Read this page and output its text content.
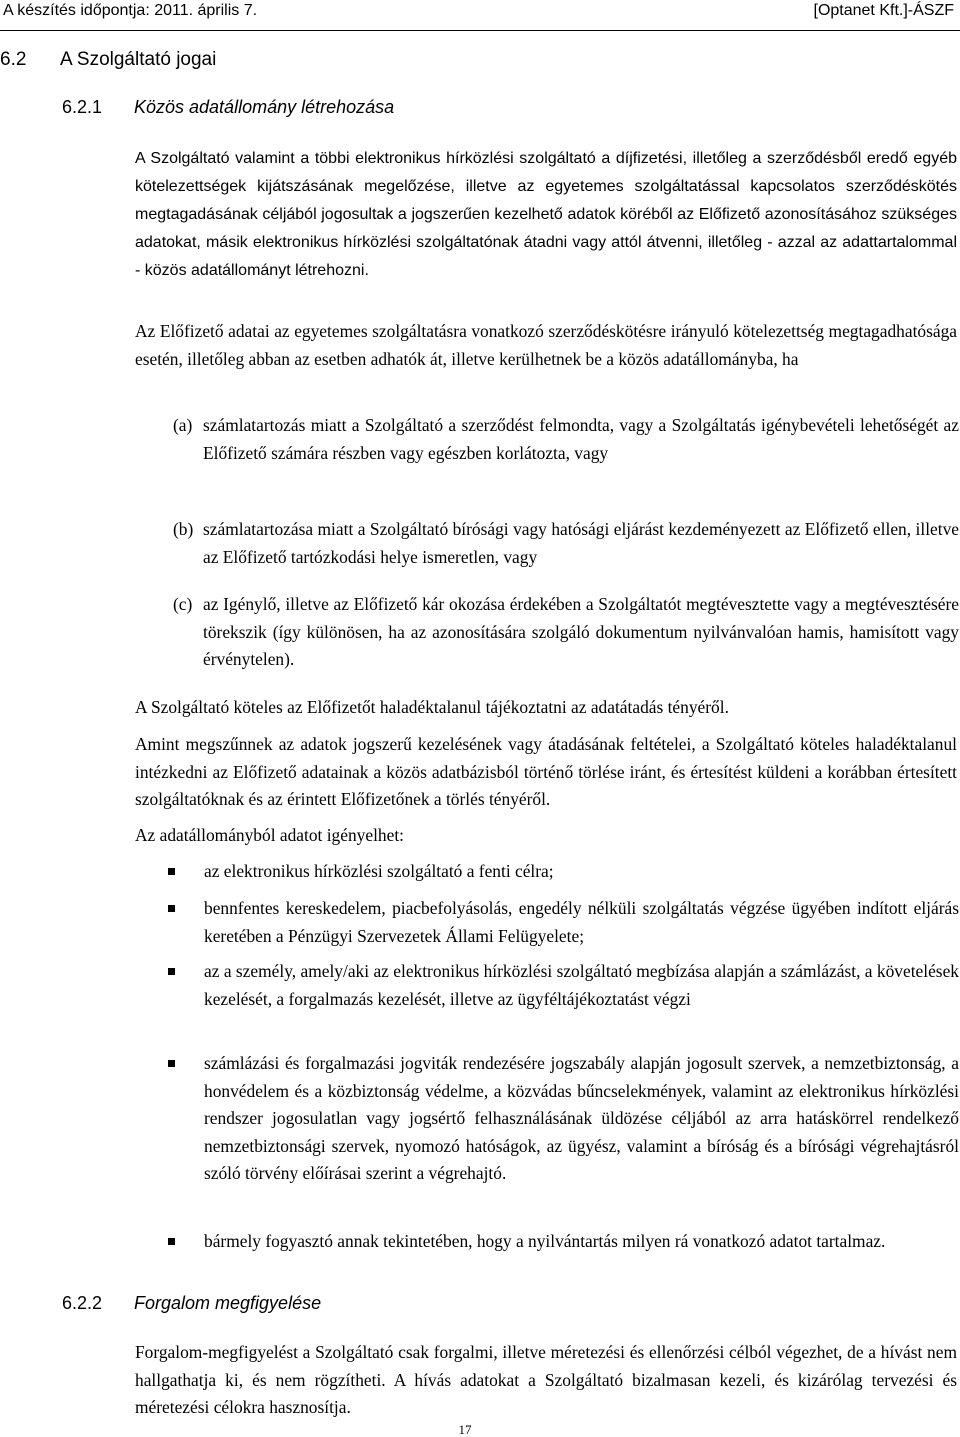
A készítés időpontja: 2011. április 7.	[Optanet Kft.]-ÁSZF
6.2 A Szolgáltató jogai
6.2.1 Közös adatállomány létrehozása

A Szolgáltató valamint a többi elektronikus hírközlési szolgáltató a díjfizetési, illetőleg a szerződésből eredő egyéb kötelezettségek kijátszásának megelőzése, illetve az egyetemes szolgáltatással kapcsolatos szerződéskötés megtagadásának céljából jogosultak a jogszerűen kezelhető adatok köréből az Előfizető azonosításához szükséges adatokat, másik elektronikus hírközlési szolgáltatónak átadni vagy attól átvenni, illetőleg - azzal az adattartalommal - közös adatállományt létrehozni.

Az Előfizető adatai az egyetemes szolgáltatásra vonatkozó szerződéskötésre irányuló kötelezettség megtagadhatósága esetén, illetőleg abban az esetben adhatók át, illetve kerülhetnek be a közös adatállományba, ha

(a) számlatartozás miatt a Szolgáltató a szerződést felmondta, vagy a Szolgáltatás igénybevételi lehetőségét az Előfizető számára részben vagy egészben korlátozta, vagy
(b) számlatartozása miatt a Szolgáltató bírósági vagy hatósági eljárást kezdeményezett az Előfizető ellen, illetve az Előfizető tartózkodási helye ismeretlen, vagy
(c) az Igénylő, illetve az Előfizető kár okozása érdekében a Szolgáltatót megtévesztette vagy a megtévesztésére törekszik (így különösen, ha az azonosítására szolgáló dokumentum nyilvánvalóan hamis, hamisított vagy érvénytelen).

A Szolgáltató köteles az Előfizetőt haladéktalanul tájékoztatni az adatátadás tényéről.

Amint megszűnnek az adatok jogszerű kezelésének vagy átadásának feltételei, a Szolgáltató köteles haladéktalanul intézkedni az Előfizető adatainak a közös adatbázisból történő törlése iránt, és értesítést küldeni a korábban értesített szolgáltatóknak és az érintett Előfizetőnek a törlés tényéről.

Az adatállományból adatot igényelhet:

az elektronikus hírközlési szolgáltató a fenti célra;
bennfentes kereskedelem, piacbefolyásolás, engedély nélküli szolgáltatás végzése ügyében indított eljárás keretében a Pénzügyi Szervezetek Állami Felügyelete;
az a személy, amely/aki az elektronikus hírközlési szolgáltató megbízása alapján a számlázást, a követelések kezelését, a forgalmazás kezelését, illetve az ügyféltájékoztatást végzi
számlázási és forgalmazási jogviták rendezésére jogszabály alapján jogosult szervek, a nemzetbiztonság, a honvédelem és a közbiztonság védelme, a közvádas bűncselekmények, valamint az elektronikus hírközlési rendszer jogosulatlan vagy jogsértő felhasználásának üldözése céljából az arra hatáskörrel rendelkező nemzetbiztonsági szervek, nyomozó hatóságok, az ügyész, valamint a bíróság és a bírósági végrehajtásról szóló törvény előírásai szerint a végrehajtó.
bármely fogyasztó annak tekintetében, hogy a nyilvántartás milyen rá vonatkozó adatot tartalmaz.
6.2.2 Forgalom megfigyelése

Forgalom-megfigyelést a Szolgáltató csak forgalmi, illetve méretezési és ellenőrzési célból végezhet, de a hívást nem hallgathatja ki, és nem rögzítheti. A hívás adatokat a Szolgáltató bizalmasan kezeli, és kizárólag tervezési és méretezési célokra hasznosítja.

17
